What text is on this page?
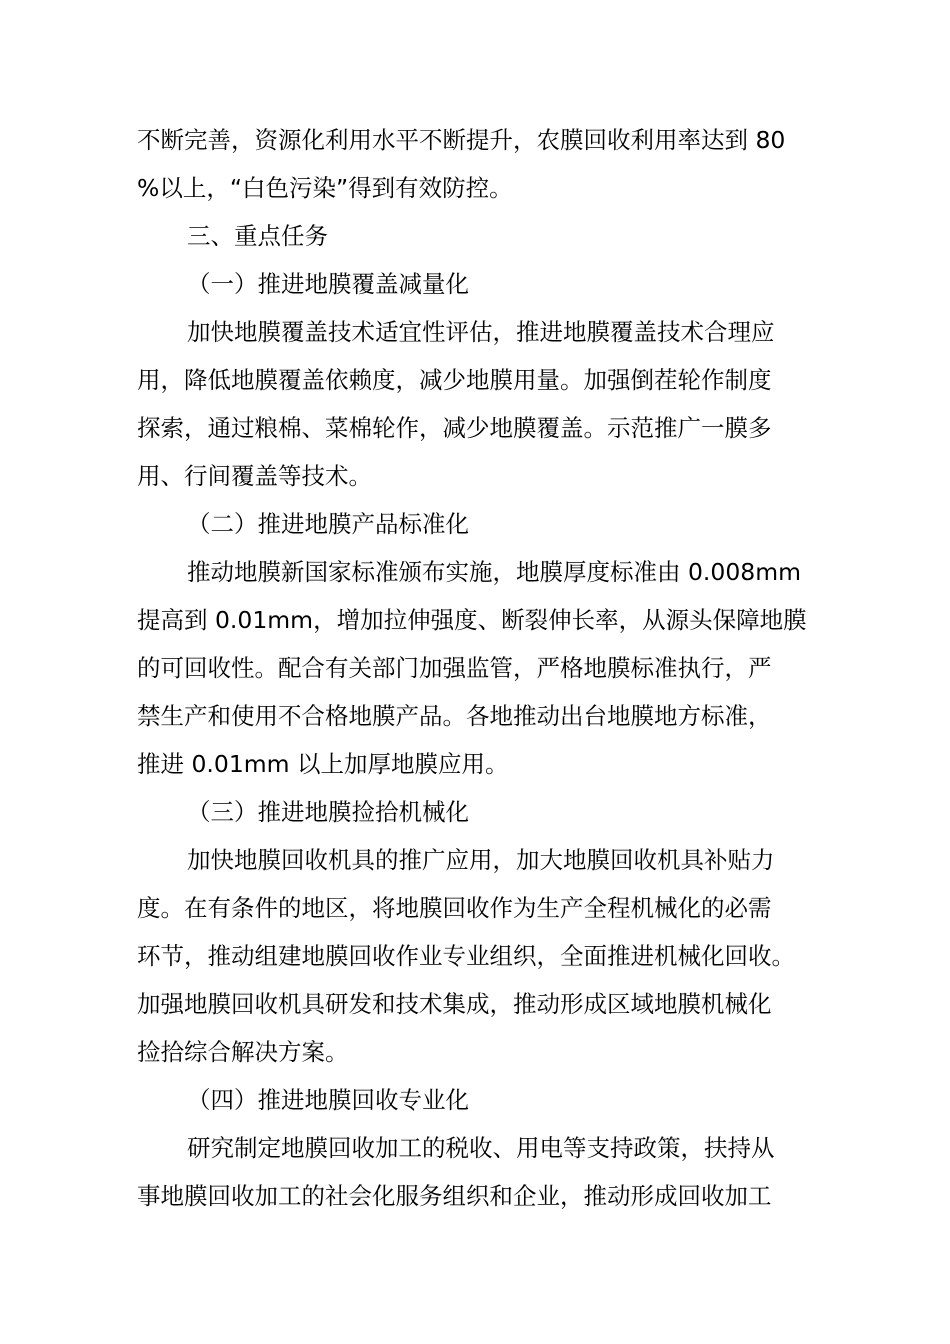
不断完善，资源化利用水平不断提升，农膜回收利用率达到 80
%以上，“白色污染”得到有效防控。
三、重点任务
（一）推进地膜覆盖减量化
加快地膜覆盖技术适宜性评估，推进地膜覆盖技术合理应
用，降低地膜覆盖依赖度，减少地膜用量。加强倒茬轮作制度
探索，通过粮棉、菜棉轮作，减少地膜覆盖。示范推广一膜多
用、行间覆盖等技术。
（二）推进地膜产品标准化
推动地膜新国家标准颁布实施，地膜厚度标准由 0.008mm
提高到 0.01mm，增加拉伸强度、断裂伸长率，从源头保障地膜
的可回收性。配合有关部门加强监管，严格地膜标准执行，严
禁生产和使用不合格地膜产品。各地推动出台地膜地方标准，
推进 0.01mm 以上加厚地膜应用。
（三）推进地膜捡拾机械化
加快地膜回收机具的推广应用，加大地膜回收机具补贴力
度。在有条件的地区，将地膜回收作为生产全程机械化的必需
环节，推动组建地膜回收作业专业组织，全面推进机械化回收。
加强地膜回收机具研发和技术集成，推动形成区域地膜机械化
捡拾综合解决方案。
（四）推进地膜回收专业化
研究制定地膜回收加工的税收、用电等支持政策，扶持从
事地膜回收加工的社会化服务组织和企业，推动形成回收加工
